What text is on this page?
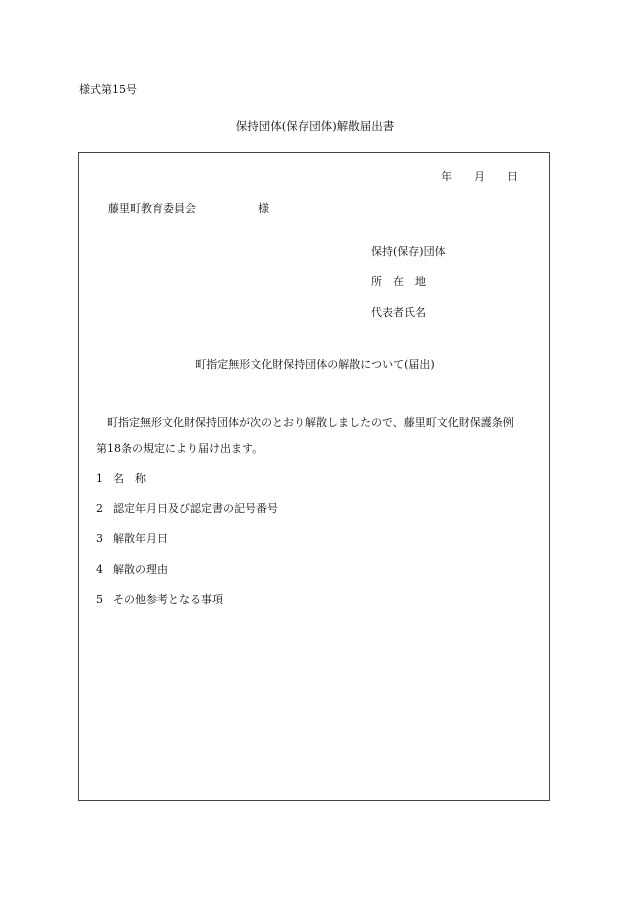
様式第15号
保持団体(保存団体)解散届出書
年 月 日
藤里町教育委員会	様
保持(保存)団体
所　在　地
代表者氏名
町指定無形文化財保持団体の解散について(届出)
　町指定無形文化財保持団体が次のとおり解散しましたので、藤里町文化財保護条例
第18条の規定により届け出ます。
1 名　称
2 認定年月日及び認定書の記号番号
3 解散年月日
4 解散の理由
5 その他参考となる事項
